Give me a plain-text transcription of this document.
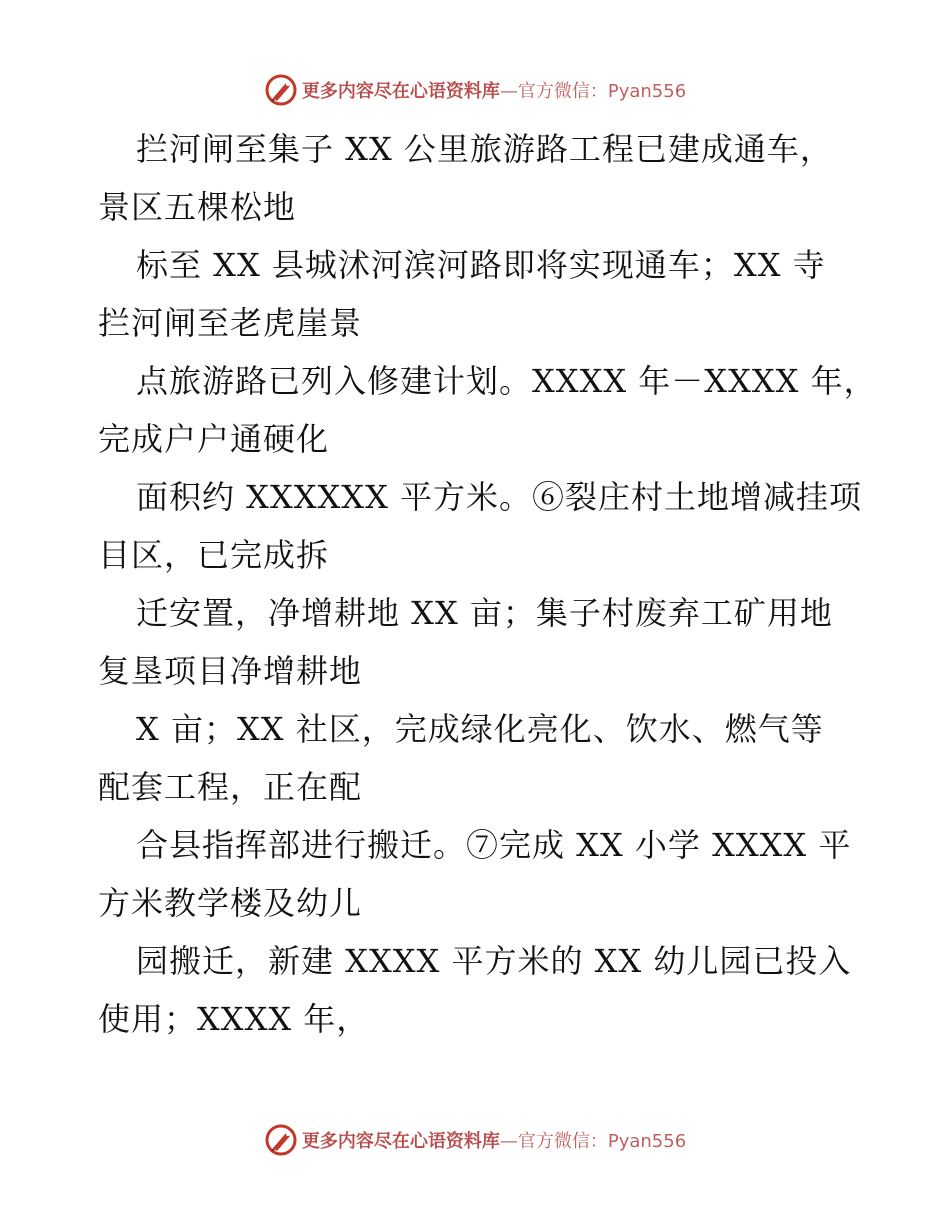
更多内容尽在心语资料库—官方微信：Pyan556
拦河闸至集子 XX 公里旅游路工程已建成通车，
景区五棵松地
标至 XX 县城沭河滨河路即将实现通车；XX 寺
拦河闸至老虎崖景
点旅游路已列入修建计划。XXXX 年－XXXX 年，
完成户户通硬化
面积约 XXXXXX 平方米。⑥裂庄村土地增减挂项
目区，已完成拆
迁安置，净增耕地 XX 亩；集子村废弃工矿用地
复垦项目净增耕地
X 亩；XX 社区，完成绿化亮化、饮水、燃气等
配套工程，正在配
合县指挥部进行搬迁。⑦完成 XX 小学 XXXX 平
方米教学楼及幼儿
园搬迁，新建 XXXX 平方米的 XX 幼儿园已投入
使用；XXXX 年，
更多内容尽在心语资料库—官方微信：Pyan556
